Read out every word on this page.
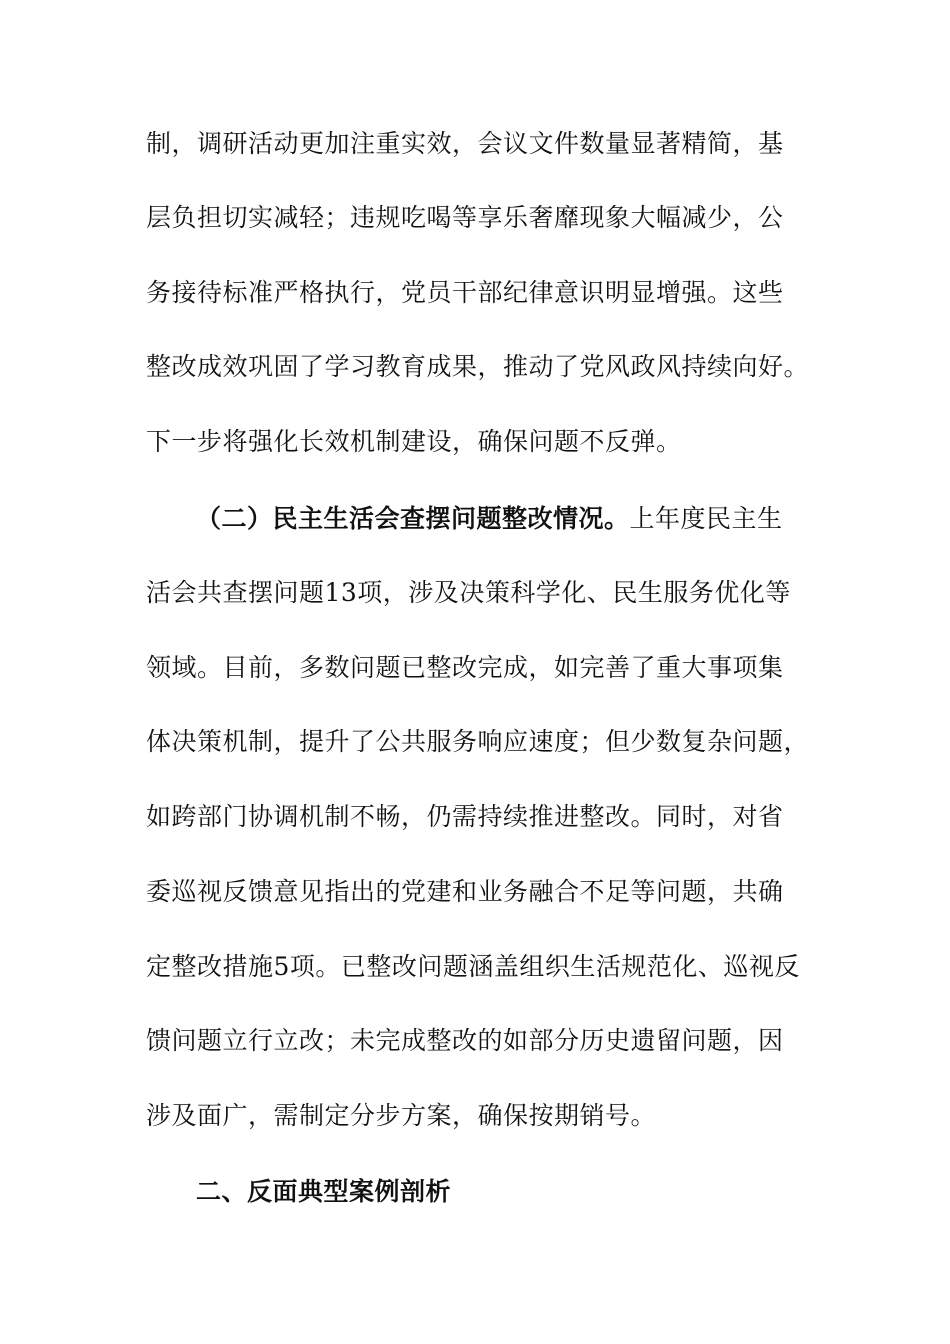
制，调研活动更加注重实效，会议文件数量显著精简，基
层负担切实减轻；违规吃喝等享乐奢靡现象大幅减少，公
务接待标准严格执行，党员干部纪律意识明显增强。这些
整改成效巩固了学习教育成果，推动了党风政风持续向好。
下一步将强化长效机制建设，确保问题不反弹。
（二）民主生活会查摆问题整改情况。上年度民主生
活会共查摆问题13项，涉及决策科学化、民生服务优化等
领域。目前，多数问题已整改完成，如完善了重大事项集
体决策机制，提升了公共服务响应速度；但少数复杂问题，
如跨部门协调机制不畅，仍需持续推进整改。同时，对省
委巡视反馈意见指出的党建和业务融合不足等问题，共确
定整改措施5项。已整改问题涵盖组织生活规范化、巡视反
馈问题立行立改；未完成整改的如部分历史遗留问题，因
涉及面广，需制定分步方案，确保按期销号。
二、反面典型案例剖析
